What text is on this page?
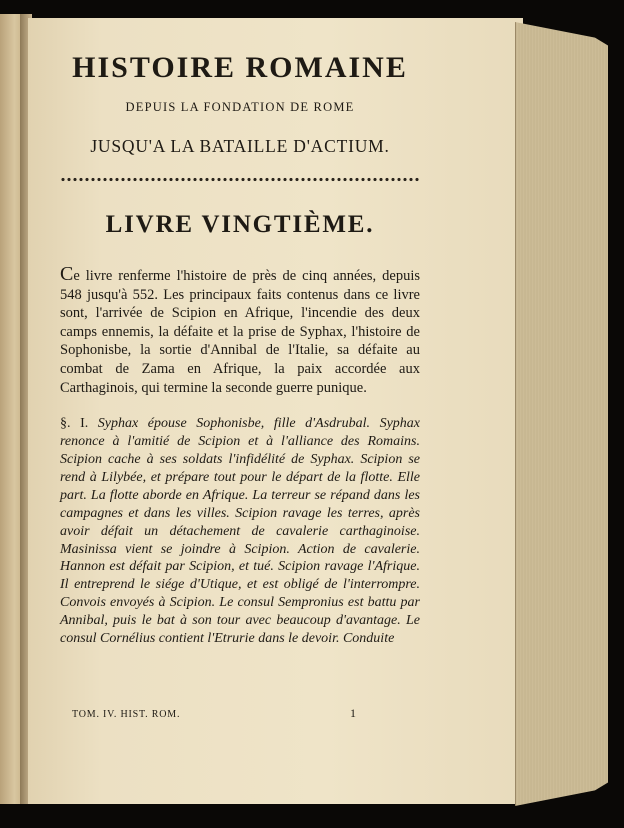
HISTOIRE ROMAINE
DEPUIS LA FONDATION DE ROME
JUSQU'A LA BATAILLE D'ACTIUM.
LIVRE VINGTIÈME.

Ce livre renferme l'histoire de près de cinq années, depuis 548 jusqu'à 552. Les principaux faits contenus dans ce livre sont, l'arrivée de Scipion en Afrique, l'incendie des deux camps ennemis, la défaite et la prise de Syphax, l'histoire de Sophonisbe, la sortie d'Annibal de l'Italie, sa défaite au combat de Zama en Afrique, la paix accordée aux Carthaginois, qui termine la seconde guerre punique.

§. I. Syphax épouse Sophonisbe, fille d'Asdrubal. Syphax renonce à l'amitié de Scipion et à l'alliance des Romains. Scipion cache à ses soldats l'infidélité de Syphax. Scipion se rend à Lilybée, et prépare tout pour le départ de la flotte. Elle part. La flotte aborde en Afrique. La terreur se répand dans les campagnes et dans les villes. Scipion ravage les terres, après avoir défait un détachement de cavalerie carthaginoise. Masinissa vient se joindre à Scipion. Action de cavalerie. Hannon est défait par Scipion, et tué. Scipion ravage l'Afrique. Il entreprend le siége d'Utique, et est obligé de l'interrompre. Convois envoyés à Scipion. Le consul Sempronius est battu par Annibal, puis le bat à son tour avec beaucoup d'avantage. Le consul Cornélius contient l'Etrurie dans le devoir. Conduite

TOM. IV. HIST. ROM.	1
